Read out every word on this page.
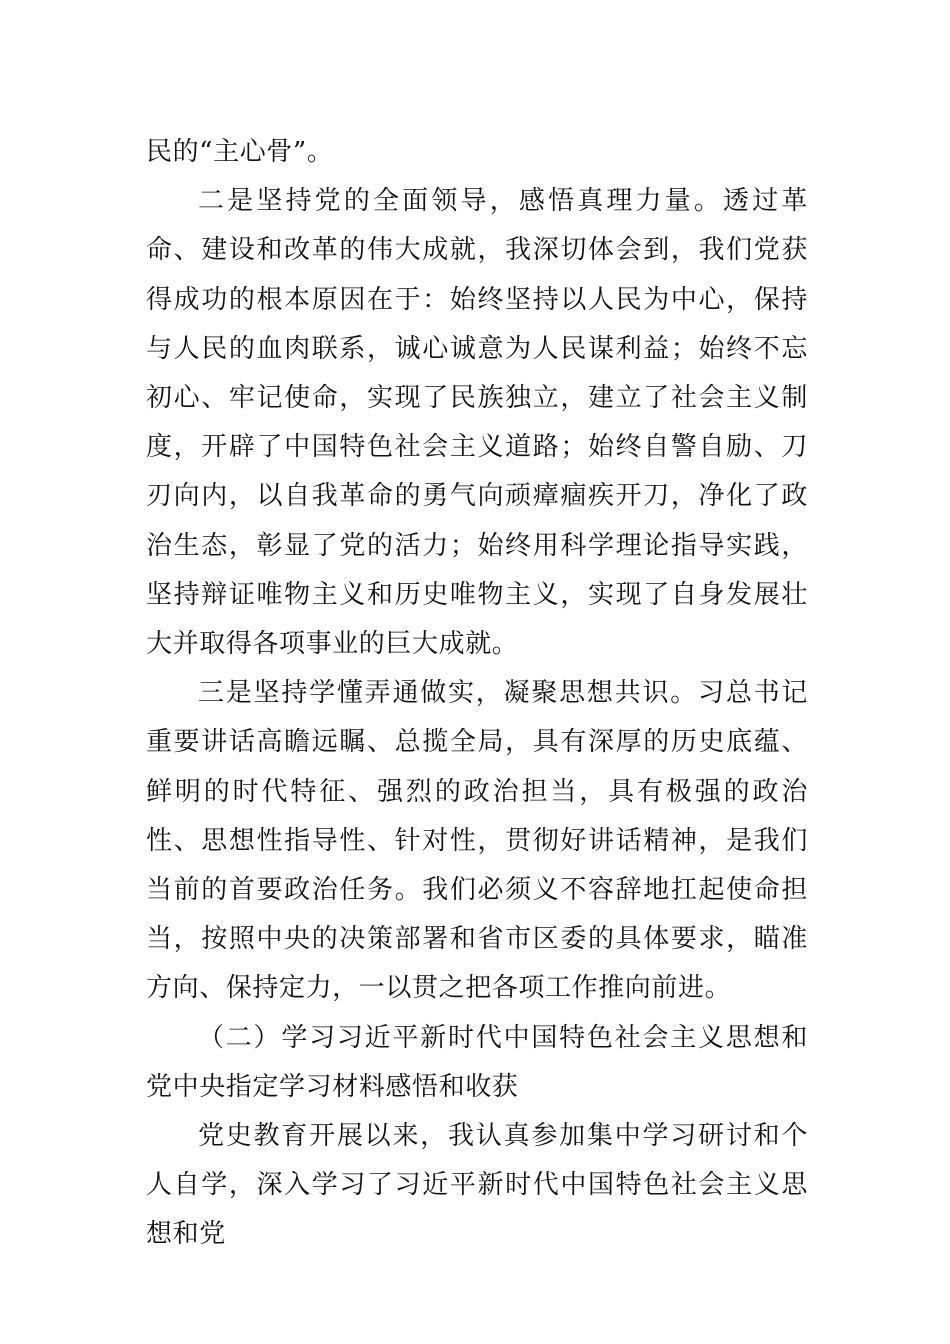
民的“主心骨”。

二是坚持党的全面领导，感悟真理力量。透过革命、建设和改革的伟大成就，我深切体会到，我们党获得成功的根本原因在于：始终坚持以人民为中心，保持与人民的血肉联系，诚心诚意为人民谋利益；始终不忘初心、牢记使命，实现了民族独立，建立了社会主义制度，开辟了中国特色社会主义道路；始终自警自励、刀刃向内，以自我革命的勇气向顽瘴痼疾开刀，净化了政治生态，彰显了党的活力；始终用科学理论指导实践，坚持辩证唯物主义和历史唯物主义，实现了自身发展壮大并取得各项事业的巨大成就。

三是坚持学懂弄通做实，凝聚思想共识。习总书记重要讲话高瞻远瞩、总揽全局，具有深厚的历史底蕴、鲜明的时代特征、强烈的政治担当，具有极强的政治性、思想性指导性、针对性，贯彻好讲话精神，是我们当前的首要政治任务。我们必须义不容辞地扛起使命担当，按照中央的决策部署和省市区委的具体要求，瞄准方向、保持定力，一以贯之把各项工作推向前进。

（二）学习习近平新时代中国特色社会主义思想和党中央指定学习材料感悟和收获

党史教育开展以来，我认真参加集中学习研讨和个人自学，深入学习了习近平新时代中国特色社会主义思想和党
